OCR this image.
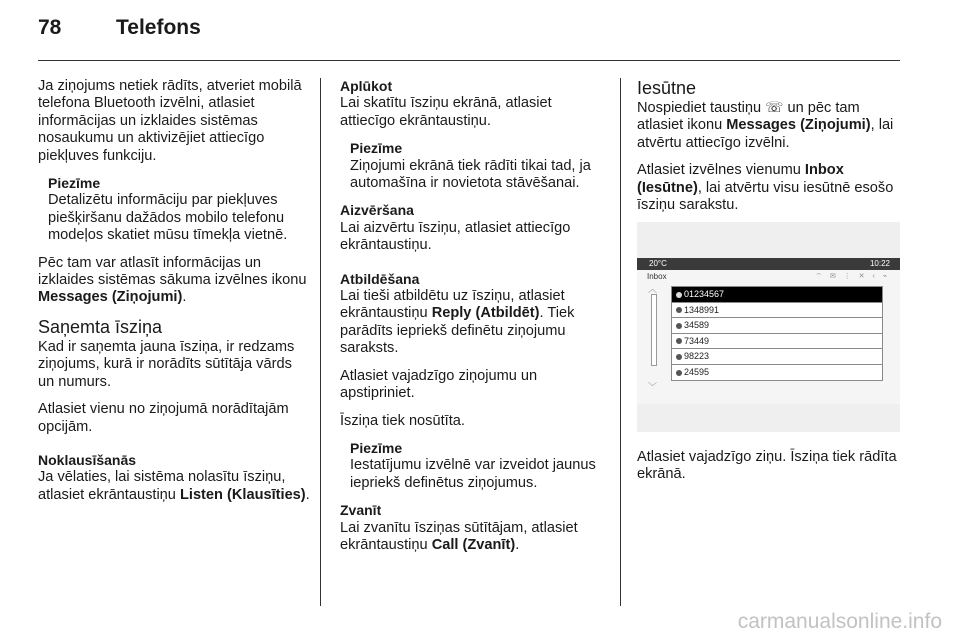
78	Telefons

Ja ziņojums netiek rādīts, atveriet mobilā telefona Bluetooth izvēlni, atlasiet informācijas un izklaides sistēmas nosaukumu un aktivizējiet attiecīgo piekļuves funkciju.

Piezīme

Detalizētu informāciju par piekļuves piešķiršanu dažādos mobilo telefonu modeļos skatiet mūsu tīmekļa vietnē.

Pēc tam var atlasīt informācijas un izklaides sistēmas sākuma izvēlnes ikonu Messages (Ziņojumi).

Saņemta īsziņa

Kad ir saņemta jauna īsziņa, ir redzams ziņojums, kurā ir norādīts sūtītāja vārds un numurs.

Atlasiet vienu no ziņojumā norādītajām opcijām.

Noklausīšanās

Ja vēlaties, lai sistēma nolasītu īsziņu, atlasiet ekrāntaustiņu Listen (Klausīties).

Aplūkot

Lai skatītu īsziņu ekrānā, atlasiet attiecīgo ekrāntaustiņu.

Piezīme

Ziņojumi ekrānā tiek rādīti tikai tad, ja automašīna ir novietota stāvēšanai.

Aizvēršana

Lai aizvērtu īsziņu, atlasiet attiecīgo ekrāntaustiņu.

Atbildēšana

Lai tieši atbildētu uz īsziņu, atlasiet ekrāntaustiņu Reply (Atbildēt). Tiek parādīts iepriekš definētu ziņojumu saraksts.

Atlasiet vajadzīgo ziņojumu un apstipriniet.

Īsziņa tiek nosūtīta.

Piezīme

Iestatījumu izvēlnē var izveidot jaunus iepriekš definētus ziņojumus.

Zvanīt

Lai zvanītu īsziņas sūtītājam, atlasiet ekrāntaustiņu Call (Zvanīt).

Iesūtne

Nospiediet taustiņu ☏ un pēc tam atlasiet ikonu Messages (Ziņojumi), lai atvērtu attiecīgo izvēlni.

Atlasiet izvēlnes vienumu Inbox (Iesūtne), lai atvērtu visu iesūtnē esošo īsziņu sarakstu.

Atlasiet vajadzīgo ziņu. Īsziņa tiek rādīta ekrānā.

20°C	10:22
Inbox	⌔ ✉ ⋮ ✕ ‹ ⌁
︿
﹀
01234567
1348991
34589
73449
98223
24595
carmanualsonline.info
